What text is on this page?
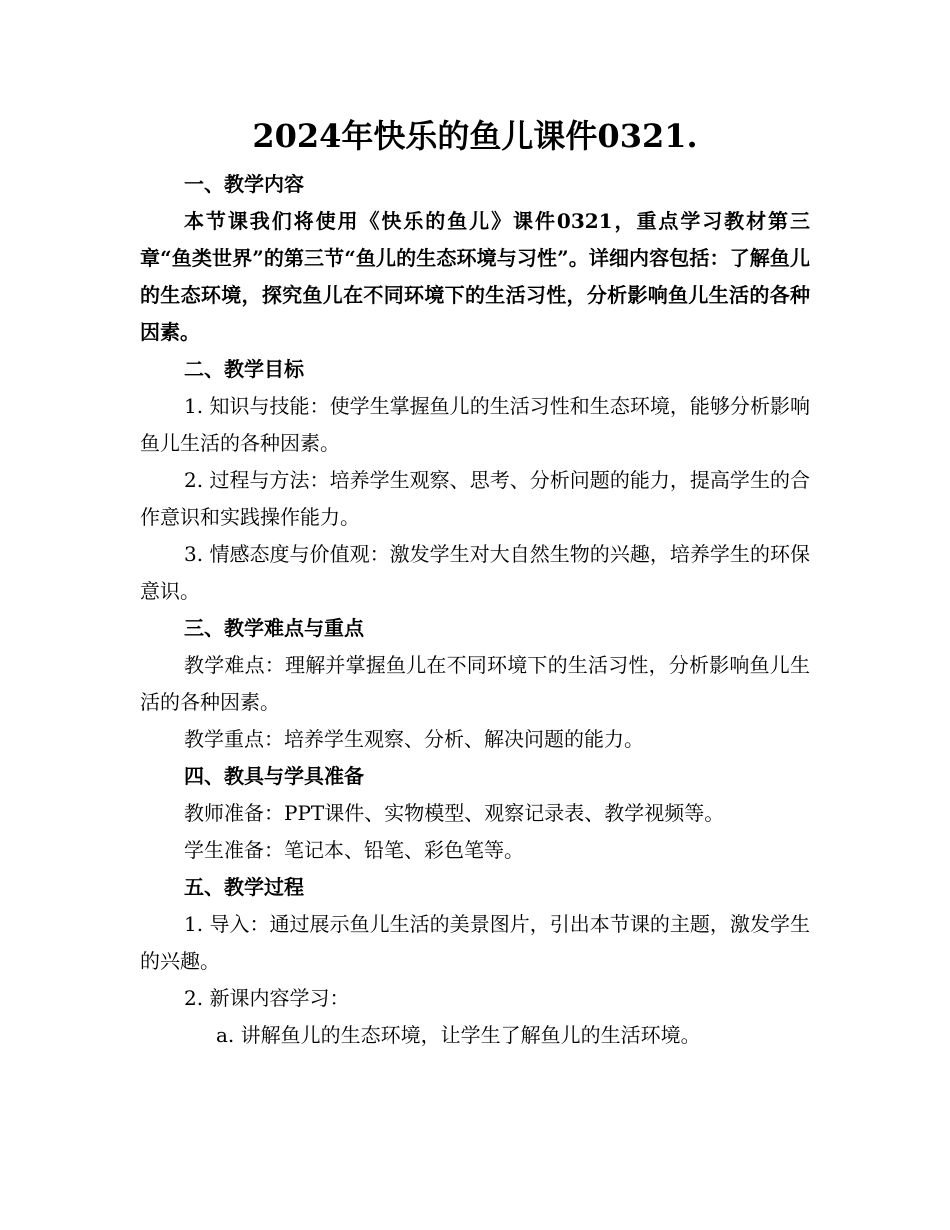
2024年快乐的鱼儿课件0321.

一、教学内容

本节课我们将使用《快乐的鱼儿》课件0321，重点学习教材第三章“鱼类世界”的第三节“鱼儿的生态环境与习性”。详细内容包括：了解鱼儿的生态环境，探究鱼儿在不同环境下的生活习性，分析影响鱼儿生活的各种因素。

二、教学目标

1. 知识与技能：使学生掌握鱼儿的生活习性和生态环境，能够分析影响鱼儿生活的各种因素。

2. 过程与方法：培养学生观察、思考、分析问题的能力，提高学生的合作意识和实践操作能力。

3. 情感态度与价值观：激发学生对大自然生物的兴趣，培养学生的环保意识。

三、教学难点与重点

教学难点：理解并掌握鱼儿在不同环境下的生活习性，分析影响鱼儿生活的各种因素。

教学重点：培养学生观察、分析、解决问题的能力。

四、教具与学具准备

教师准备：PPT课件、实物模型、观察记录表、教学视频等。

学生准备：笔记本、铅笔、彩色笔等。

五、教学过程

1. 导入：通过展示鱼儿生活的美景图片，引出本节课的主题，激发学生的兴趣。

2. 新课内容学习：

a. 讲解鱼儿的生态环境，让学生了解鱼儿的生活环境。
